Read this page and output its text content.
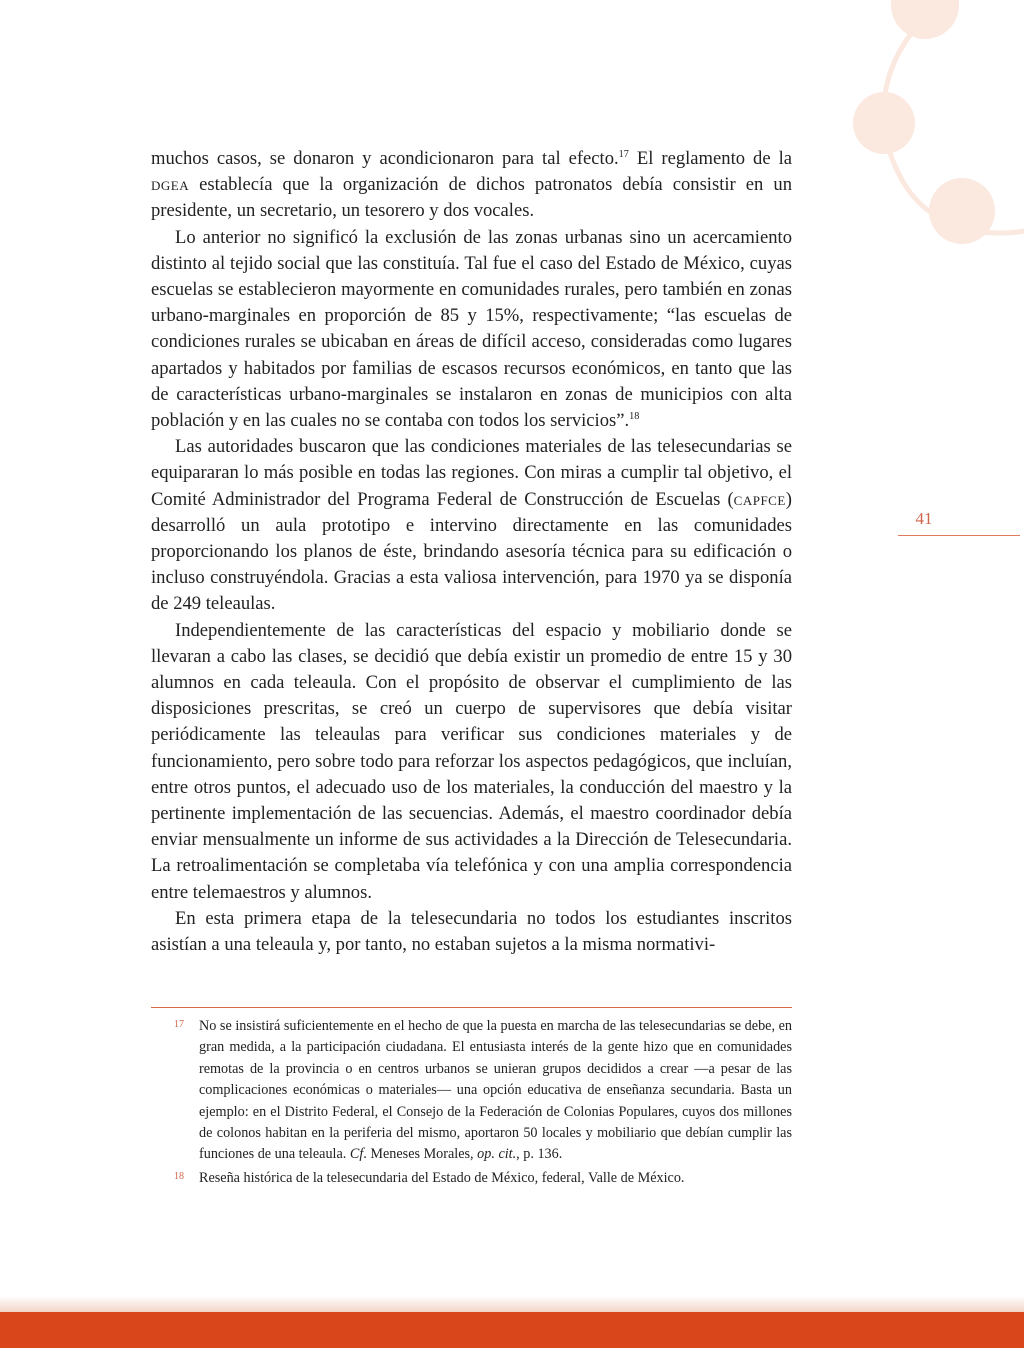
muchos casos, se donaron y acondicionaron para tal efecto.$^{17}$ El reglamento de la dgea establecía que la organización de dichos patronatos debía consistir en un presidente, un secretario, un tesorero y dos vocales.

Lo anterior no significó la exclusión de las zonas urbanas sino un acercamiento distinto al tejido social que las constituía. Tal fue el caso del Estado de México, cuyas escuelas se establecieron mayormente en comunidades rurales, pero también en zonas urbano-marginales en proporción de 85 y 15%, respectivamente; “las escuelas de condiciones rurales se ubicaban en áreas de difícil acceso, consideradas como lugares apartados y habitados por familias de escasos recursos económicos, en tanto que las de características urbano-marginales se instalaron en zonas de municipios con alta población y en las cuales no se contaba con todos los servicios”.$^{18}$

Las autoridades buscaron que las condiciones materiales de las telesecundarias se equipararan lo más posible en todas las regiones. Con miras a cumplir tal objetivo, el Comité Administrador del Programa Federal de Construcción de Escuelas (capfce) desarrolló un aula prototipo e intervino directamente en las comunidades proporcionando los planos de éste, brindando asesoría técnica para su edificación o incluso construyéndola. Gracias a esta valiosa intervención, para 1970 ya se disponía de 249 teleaulas.

Independientemente de las características del espacio y mobiliario donde se llevaran a cabo las clases, se decidió que debía existir un promedio de entre 15 y 30 alumnos en cada teleaula. Con el propósito de observar el cumplimiento de las disposiciones prescritas, se creó un cuerpo de supervisores que debía visitar periódicamente las teleaulas para verificar sus condiciones materiales y de funcionamiento, pero sobre todo para reforzar los aspectos pedagógicos, que incluían, entre otros puntos, el adecuado uso de los materiales, la conducción del maestro y la pertinente implementación de las secuencias. Además, el maestro coordinador debía enviar mensualmente un informe de sus actividades a la Dirección de Telesecundaria. La retroalimentación se completaba vía telefónica y con una amplia correspondencia entre telemaestros y alumnos.

En esta primera etapa de la telesecundaria no todos los estudiantes inscritos asistían a una teleaula y, por tanto, no estaban sujetos a la misma normativi-

41
17	No se insistirá suficientemente en el hecho de que la puesta en marcha de las telesecundarias se debe, en gran medida, a la participación ciudadana. El entusiasta interés de la gente hizo que en comunidades remotas de la provincia o en centros urbanos se unieran grupos decididos a crear —a pesar de las complicaciones económicas o materiales— una opción educativa de enseñanza secundaria. Basta un ejemplo: en el Distrito Federal, el Consejo de la Federación de Colonias Populares, cuyos dos millones de colonos habitan en la periferia del mismo, aportaron 50 locales y mobiliario que debían cumplir las funciones de una teleaula. Cf. Meneses Morales, op. cit., p. 136.
18	Reseña histórica de la telesecundaria del Estado de México, federal, Valle de México.
